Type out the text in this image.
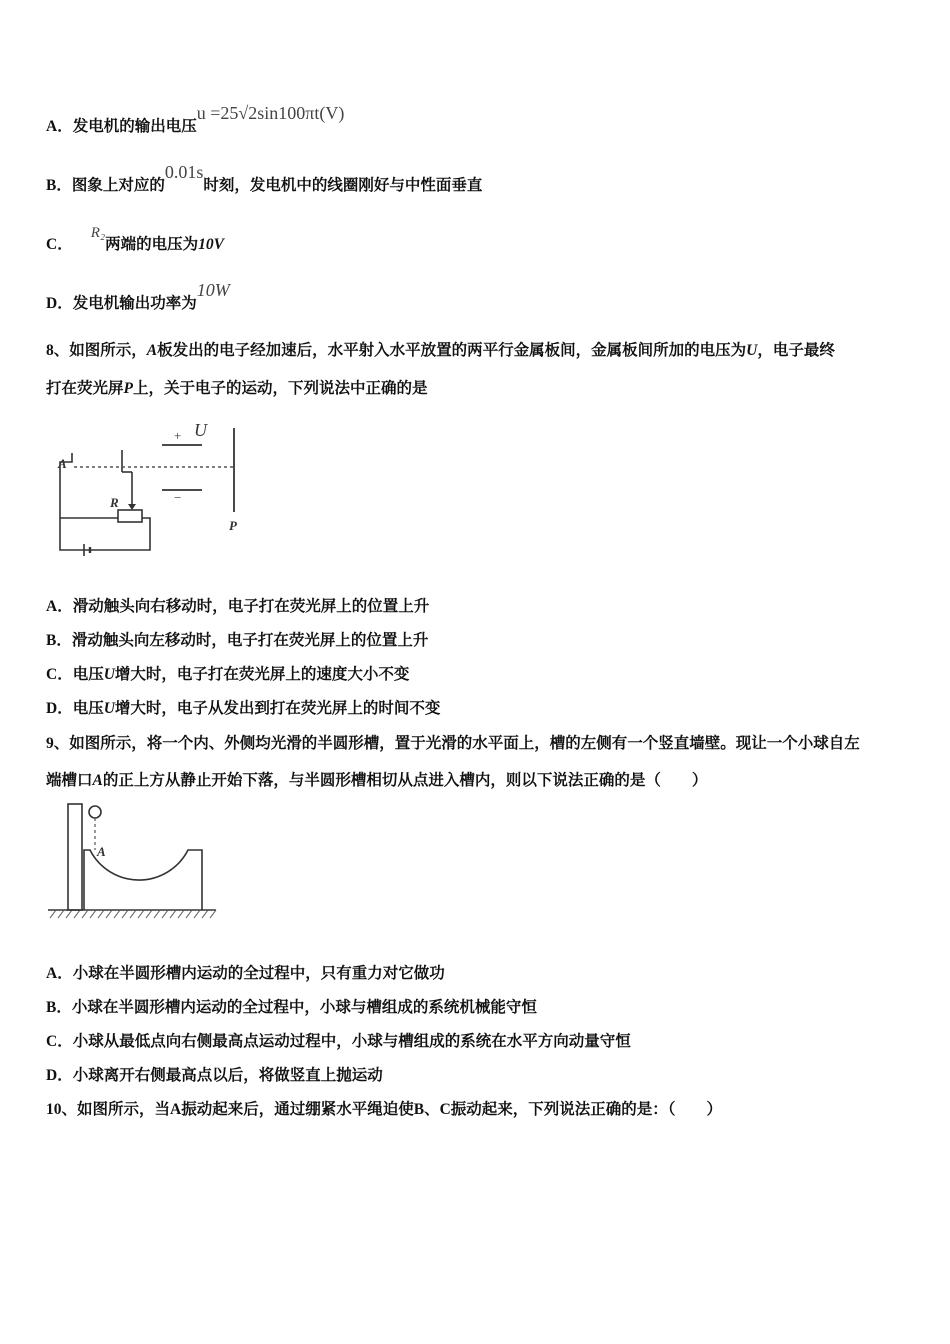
A．发电机的输出电压u =25√2sin100πt(V)
B．图象上对应的0.01s时刻，发电机中的线圈刚好与中性面垂直
C．R₂两端的电压为10V
D．发电机输出功率为10W
8、如图所示，A板发出的电子经加速后，水平射入水平放置的两平行金属板间，金属板间所加的电压为U，电子最终
打在荧光屏P上，关于电子的运动，下列说法中正确的是
+ U
−
A
R
P
A．滑动触头向右移动时，电子打在荧光屏上的位置上升
B．滑动触头向左移动时，电子打在荧光屏上的位置上升
C．电压U增大时，电子打在荧光屏上的速度大小不变
D．电压U增大时，电子从发出到打在荧光屏上的时间不变
9、如图所示，将一个内、外侧均光滑的半圆形槽，置于光滑的水平面上，槽的左侧有一个竖直墙壁。现让一个小球自左
端槽口A的正上方从静止开始下落，与半圆形槽相切从点进入槽内，则以下说法正确的是（　　）
A
A．小球在半圆形槽内运动的全过程中，只有重力对它做功
B．小球在半圆形槽内运动的全过程中，小球与槽组成的系统机械能守恒
C．小球从最低点向右侧最高点运动过程中，小球与槽组成的系统在水平方向动量守恒
D．小球离开右侧最高点以后，将做竖直上抛运动
10、如图所示，当A振动起来后，通过绷紧水平绳迫使B、C振动起来，下列说法正确的是：（　　）
